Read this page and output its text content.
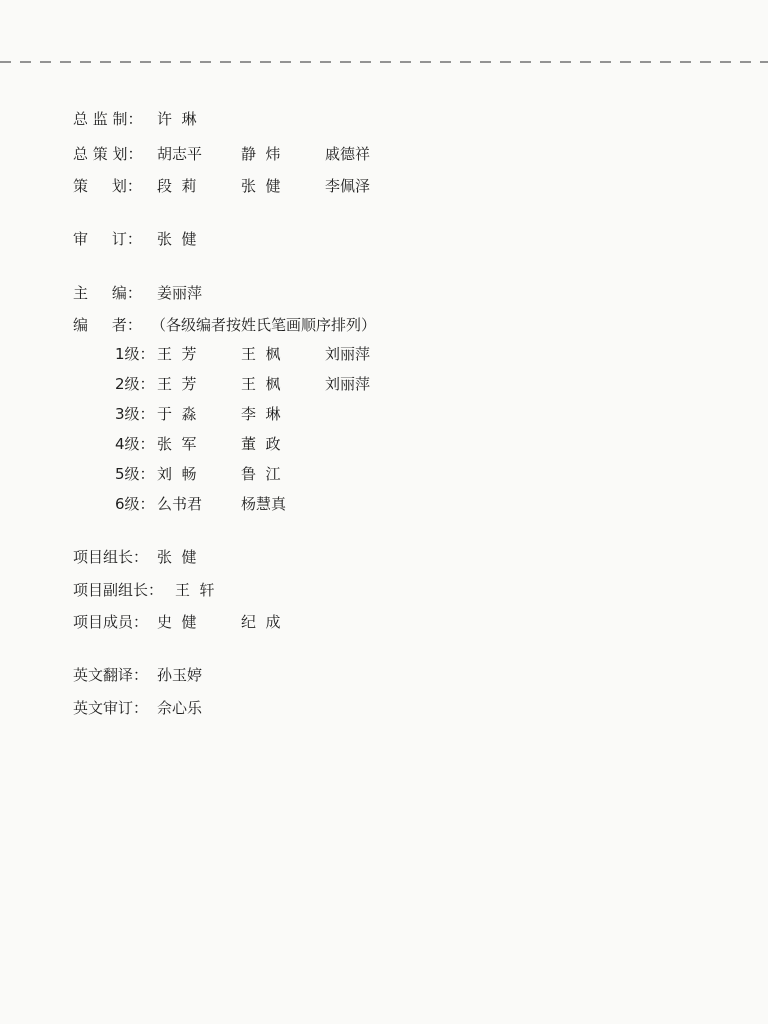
总 监 制： 许  琳
总 策 划： 胡志平	静  炜	戚德祥
策     划： 段  莉	张  健	李佩泽
审     订： 张  健
主     编： 姜丽萍
编     者： （各级编者按姓氏笔画顺序排列）
1级： 王  芳	王  枫	刘丽萍
2级： 王  芳	王  枫	刘丽萍
3级： 于  淼	李  琳
4级： 张  军	董  政
5级： 刘  畅	鲁  江
6级： 么书君	杨慧真
项目组长： 张  健
项目副组长： 王  轩
项目成员： 史  健	纪  成
英文翻译： 孙玉婷
英文审订： 佘心乐
